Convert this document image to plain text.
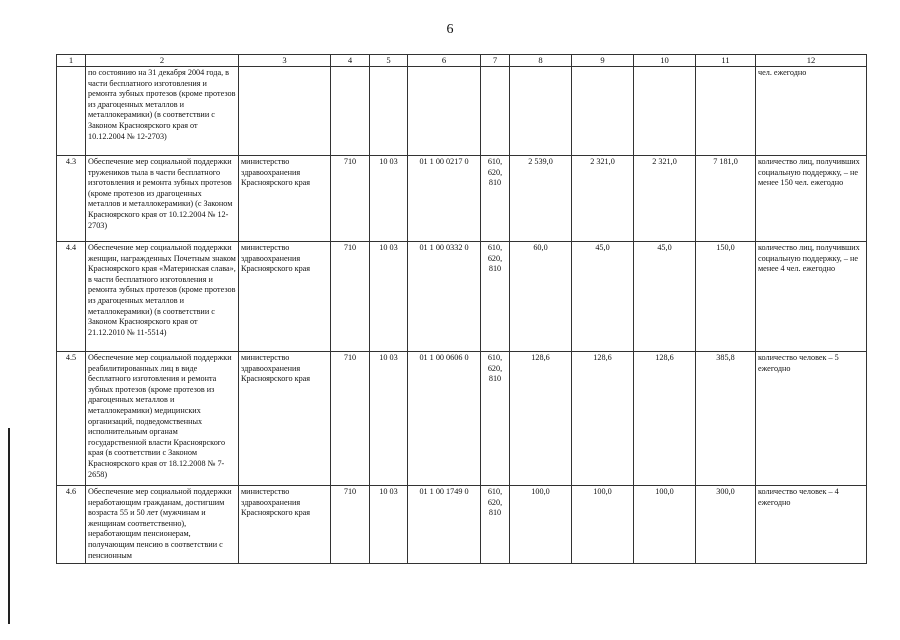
6
1	2	3	4	5	6	7	8	9	10	11	12
	по состоянию на 31 декабря 2004 года, в части бесплатного изготовления и ремонта зубных протезов (кроме протезов из драгоценных металлов и металлокерамики) (в соответствии с Законом Красноярского края от 10.12.2004 № 12-2703)										чел. ежегодно
4.3	Обеспечение мер социальной поддержки тружеников тыла в части бесплатного изготовления и ремонта зубных протезов (кроме протезов из драгоценных металлов и металлокерамики) (с Законом Красноярского края от 10.12.2004 № 12-2703)	министерство здравоохранения Красноярского края	710	10 03	01 1 00 0217 0	610, 620, 810	2 539,0	2 321,0	2 321,0	7 181,0	количество лиц, получивших социальную поддержку, – не менее 150 чел. ежегодно
4.4	Обеспечение мер социальной поддержки женщин, награжденных Почетным знаком Красноярского края «Материнская слава», в части бесплатного изготовления и ремонта зубных протезов (кроме протезов из драгоценных металлов и металлокерамики) (в соответствии с Законом Красноярского края от 21.12.2010 № 11-5514)	министерство здравоохранения Красноярского края	710	10 03	01 1 00 0332 0	610, 620, 810	60,0	45,0	45,0	150,0	количество лиц, получивших социальную поддержку, – не менее 4 чел. ежегодно
4.5	Обеспечение мер социальной поддержки реабилитированных лиц в виде бесплатного изготовления и ремонта зубных протезов (кроме протезов из драгоценных металлов и металлокерамики) медицинских организаций, подведомственных исполнительным органам государственной власти Красноярского края (в соответствии с Законом Красноярского края от 18.12.2008 № 7-2658)	министерство здравоохранения Красноярского края	710	10 03	01 1 00 0606 0	610, 620, 810	128,6	128,6	128,6	385,8	количество человек – 5 ежегодно
4.6	Обеспечение мер социальной поддержки неработающим гражданам, достигшим возраста 55 и 50 лет (мужчинам и женщинам соответственно), неработающим пенсионерам, получающим пенсию в соответствии с пенсионным	министерство здравоохранения Красноярского края	710	10 03	01 1 00 1749 0	610, 620, 810	100,0	100,0	100,0	300,0	количество человек – 4 ежегодно
